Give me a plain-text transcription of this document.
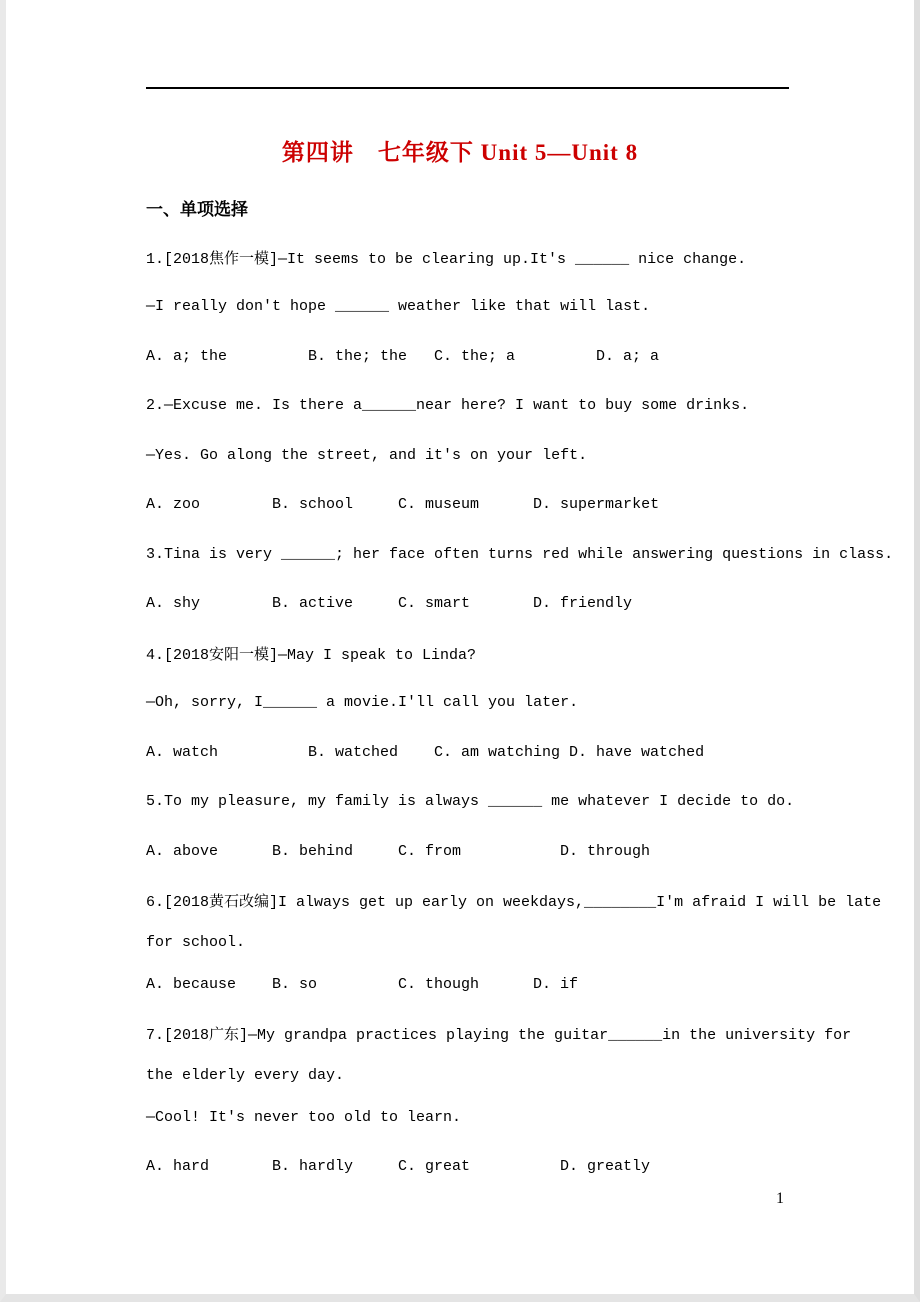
第四讲　七年级下 Unit 5—Unit 8
一、单项选择
1.[2018焦作一模]—It seems to be clearing up.It's ______ nice change.
—I really don't hope ______ weather like that will last.
A. a; the	B. the; the	C. the; a	D. a; a
2.—Excuse me. Is there a______near here? I want to buy some drinks.
—Yes. Go along the street, and it's on your left.
A. zoo	B. school	C. museum	D. supermarket
3.Tina is very ______; her face often turns red while answering questions in class.
A. shy	B. active	C. smart	D. friendly
4.[2018安阳一模]—May I speak to Linda?
—Oh, sorry, I______ a movie.I'll call you later.
A. watch	B. watched	C. am watching D. have watched
5.To my pleasure, my family is always ______ me whatever I decide to do.
A. above	B. behind	C. from	D. through
6.[2018黄石改编]I always get up early on weekdays,________I'm afraid I will be late
for school.
A. because	B. so	C. though	D. if
7.[2018广东]—My grandpa practices playing the guitar______in the university for
the elderly every day.
—Cool! It's never too old to learn.
A. hard	B. hardly	C. great	D. greatly
1
